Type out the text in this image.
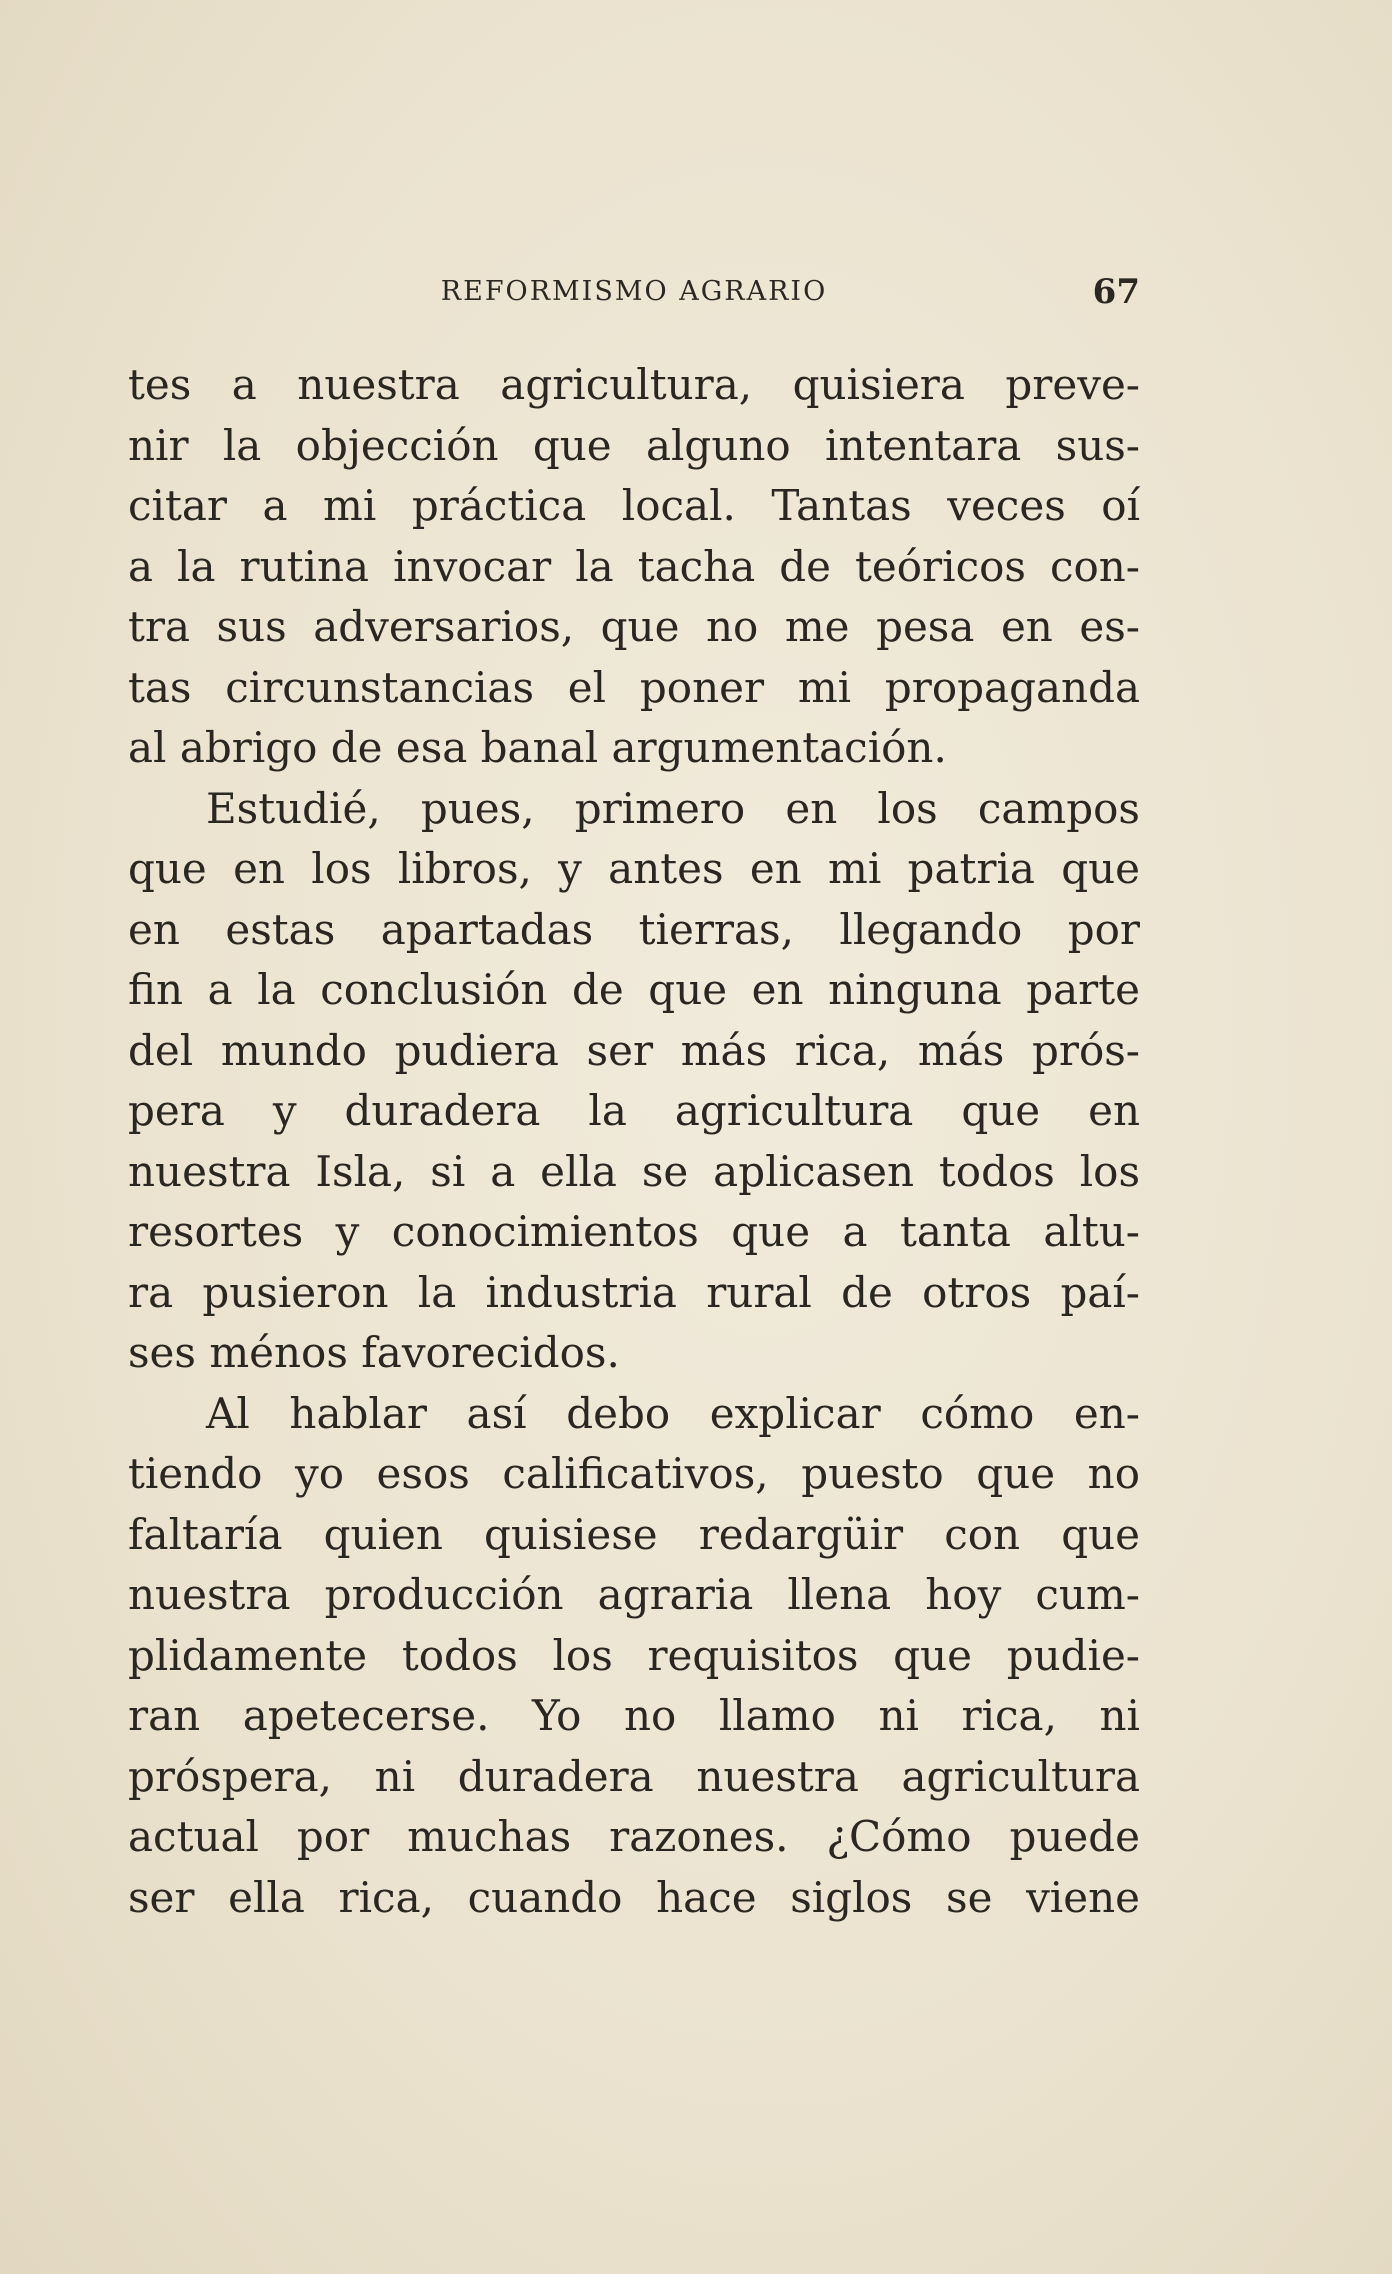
REFORMISMO AGRARIO	67
tes a nuestra agricultura, quisiera preve-
nir la objección que alguno intentara sus-
citar a mi práctica local. Tantas veces oí
a la rutina invocar la tacha de teóricos con-
tra sus adversarios, que no me pesa en es-
tas circunstancias el poner mi propaganda
al abrigo de esa banal argumentación.
Estudié, pues, primero en los campos
que en los libros, y antes en mi patria que
en estas apartadas tierras, llegando por
fin a la conclusión de que en ninguna parte
del mundo pudiera ser más rica, más prós-
pera y duradera la agricultura que en
nuestra Isla, si a ella se aplicasen todos los
resortes y conocimientos que a tanta altu-
ra pusieron la industria rural de otros paí-
ses ménos favorecidos.
Al hablar así debo explicar cómo en-
tiendo yo esos calificativos, puesto que no
faltaría quien quisiese redargüir con que
nuestra producción agraria llena hoy cum-
plidamente todos los requisitos que pudie-
ran apetecerse. Yo no llamo ni rica, ni
próspera, ni duradera nuestra agricultura
actual por muchas razones. ¿Cómo puede
ser ella rica, cuando hace siglos se viene
